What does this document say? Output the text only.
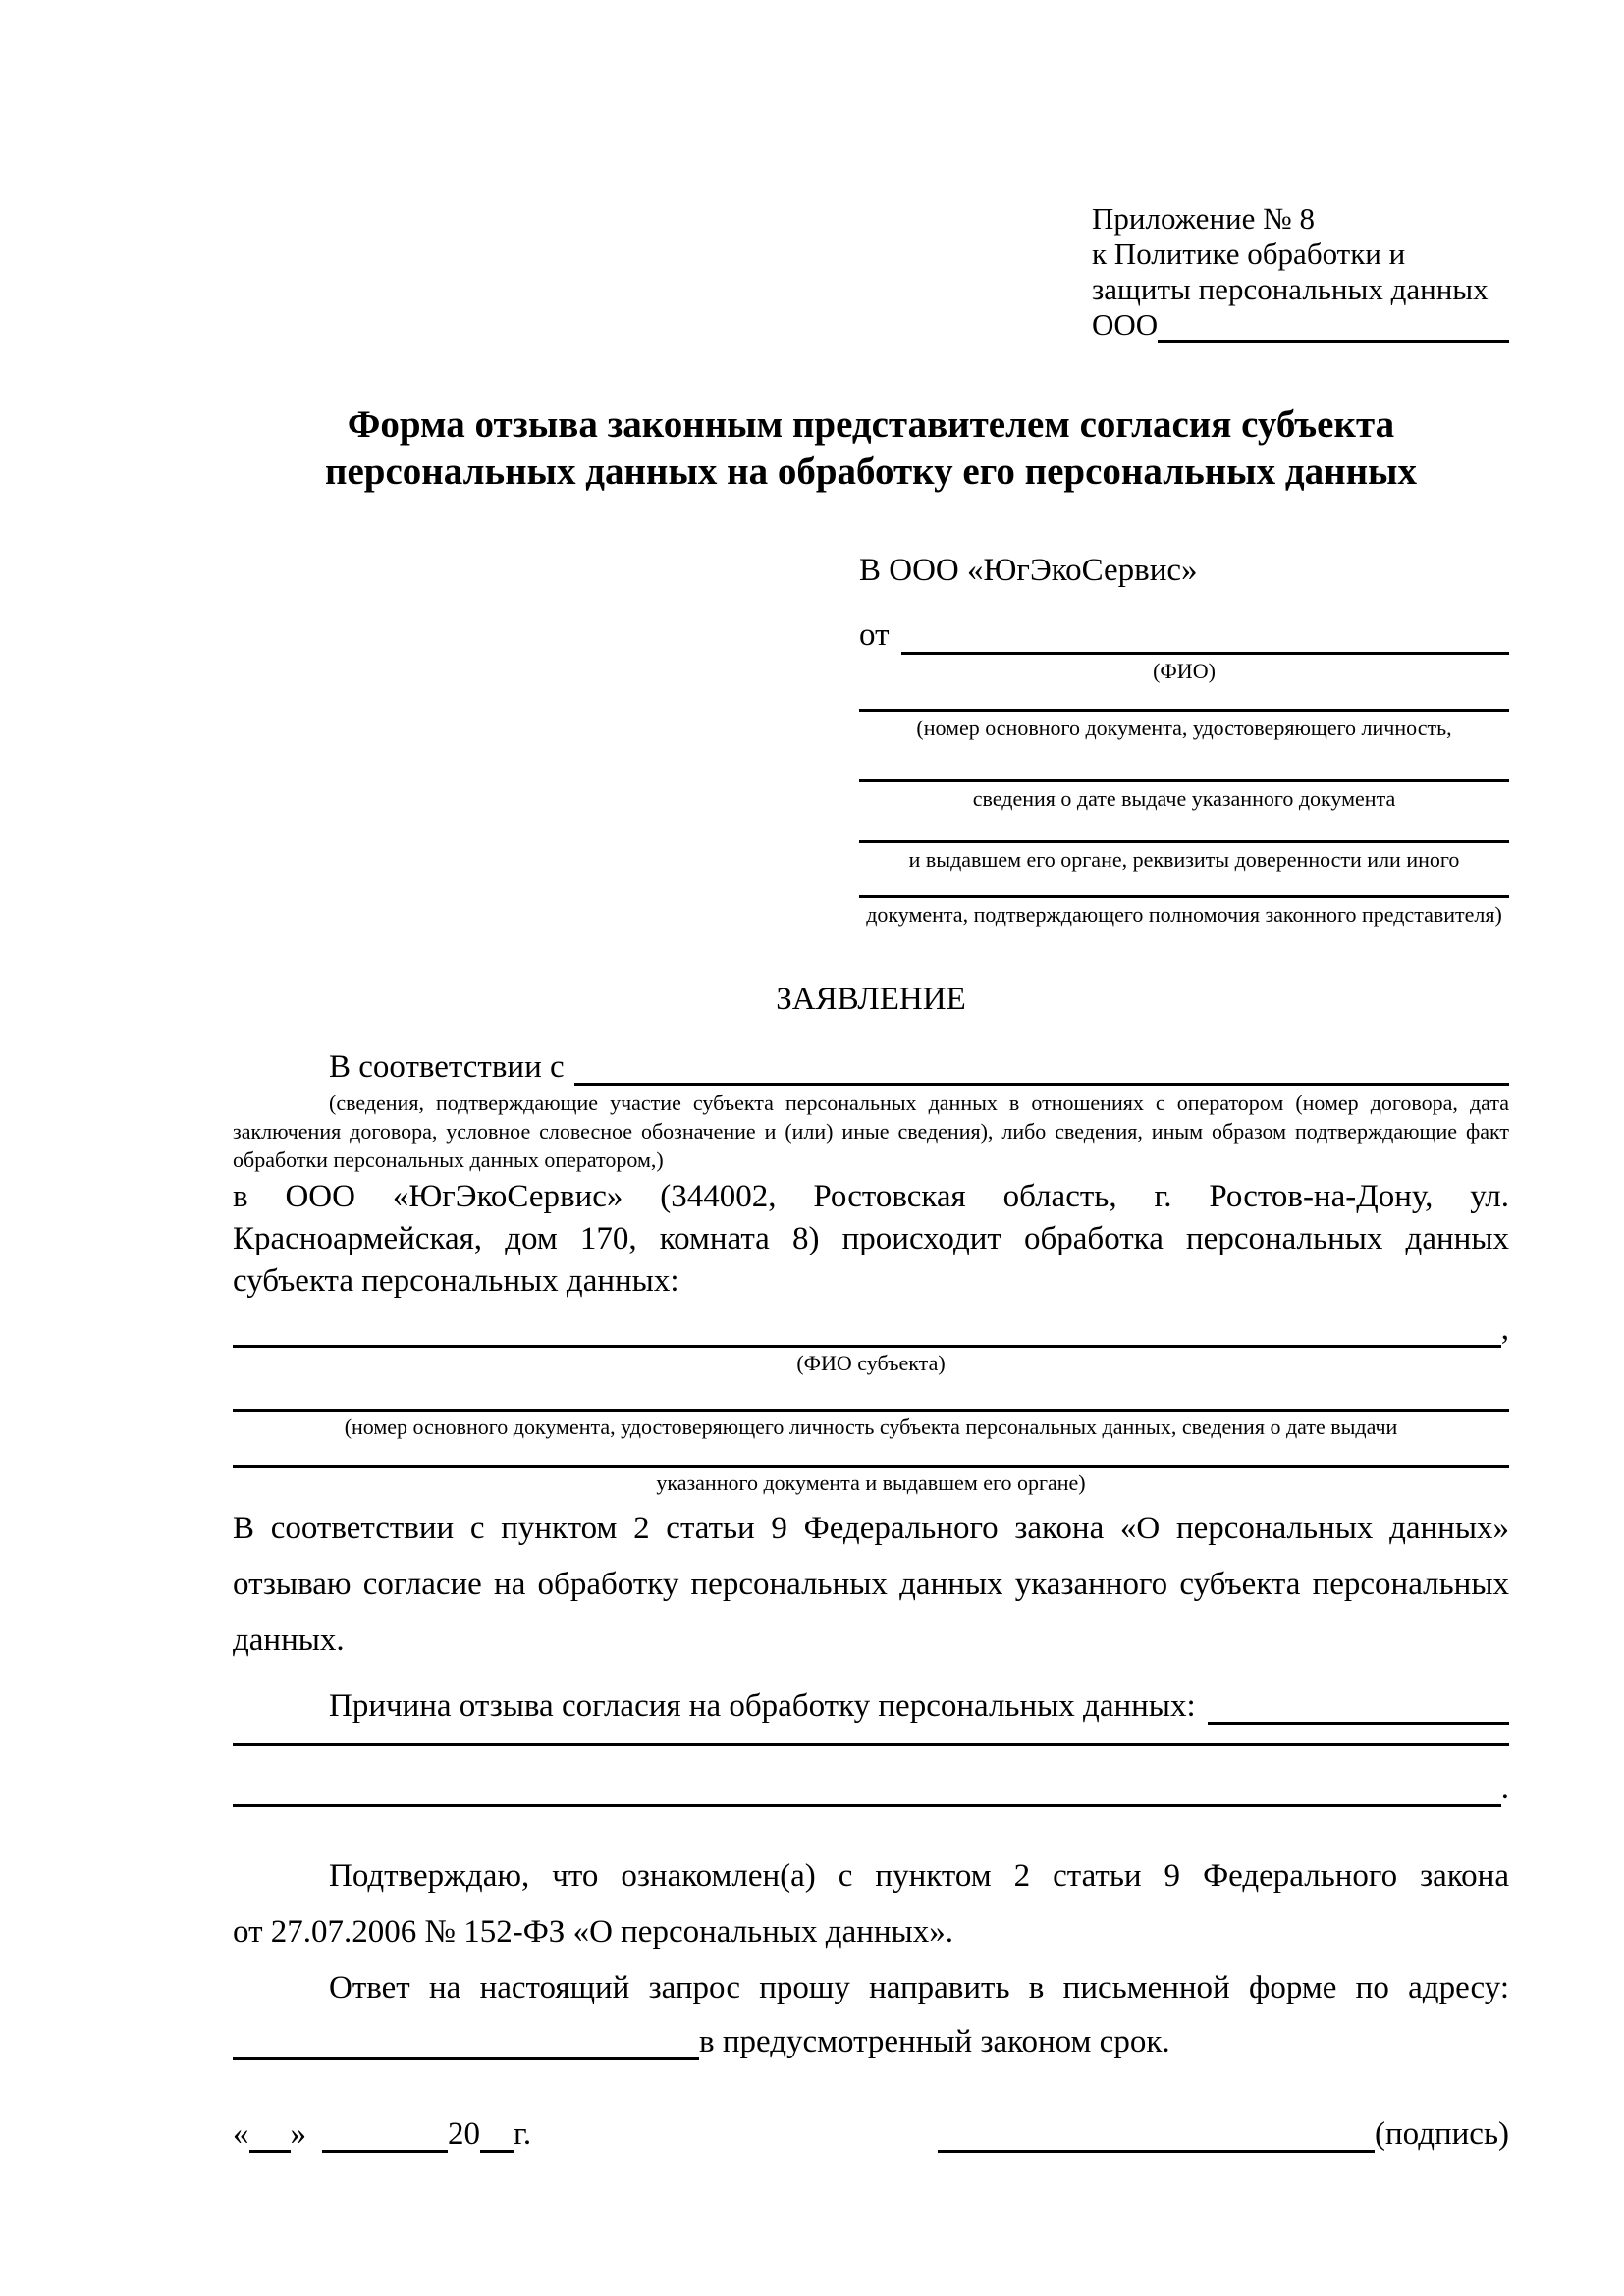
Приложение № 8
к Политике обработки и
защиты персональных данных
ООО
Форма отзыва законным представителем согласия субъекта персональных данных на обработку его персональных данных
В ООО «ЮгЭкоСервис»
от
(ФИО)
(номер основного документа, удостоверяющего личность,
сведения о дате выдаче указанного документа
и выдавшем его органе, реквизиты доверенности или иного
документа, подтверждающего полномочия законного представителя)
ЗАЯВЛЕНИЕ
В соответствии с
(сведения, подтверждающие участие субъекта персональных данных в отношениях с оператором (номер договора, дата
заключения договора, условное словесное обозначение и (или) иные сведения), либо сведения, иным образом подтверждающие факт
обработки персональных данных оператором,)
в ООО «ЮгЭкоСервис» (344002, Ростовская область, г. Ростов-на-Дону, ул.
Красноармейская, дом 170, комната 8) происходит обработка персональных данных
субъекта персональных данных:
,
(ФИО субъекта)
(номер основного документа, удостоверяющего личность субъекта персональных данных, сведения о дате выдачи
указанного документа и выдавшем его органе)
В соответствии с пунктом 2 статьи 9 Федерального закона «О персональных данных»
отзываю согласие на обработку персональных данных указанного субъекта персональных
данных.
Причина отзыва согласия на обработку персональных данных:
.
Подтверждаю, что ознакомлен(а) с пунктом 2 статьи 9 Федерального закона
от 27.07.2006 № 152-ФЗ «О персональных данных».
Ответ на настоящий запрос прошу направить в письменной форме по адресу:
в предусмотренный законом срок.
« »	20 г.	(подпись)
